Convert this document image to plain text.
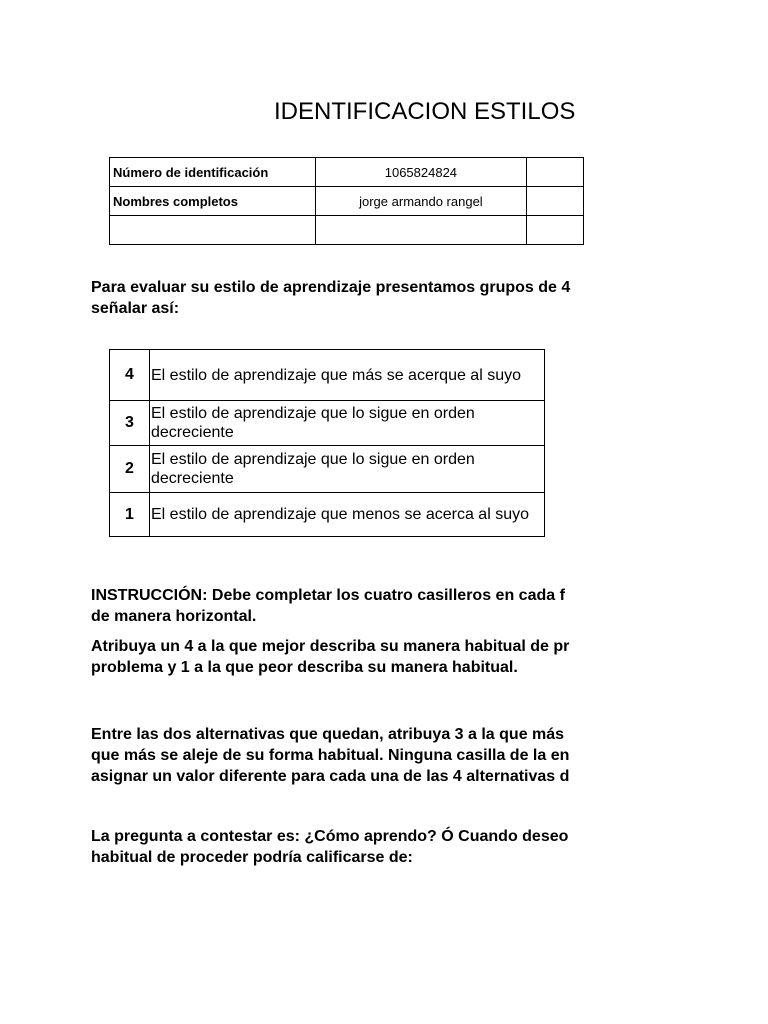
IDENTIFICACION ESTILOS
Número de identificación	1065824824	
Nombres completos	jorge armando rangel	

Para evaluar su estilo de aprendizaje presentamos grupos de 4
señalar así:
4	El estilo de aprendizaje que más se acerque al suyo
3	El estilo de aprendizaje que lo sigue en orden decreciente
2	El estilo de aprendizaje que lo sigue en orden decreciente
1	El estilo de aprendizaje que menos se acerca al suyo
INSTRUCCIÓN: Debe completar los cuatro casilleros en cada f
de manera horizontal.
Atribuya un 4 a la que mejor describa su manera habitual de pr
problema y 1 a la que peor describa su manera habitual.
Entre las dos alternativas que quedan, atribuya 3 a la que más
que más se aleje de su forma habitual. Ninguna casilla de la en
asignar un valor diferente para cada una de las 4 alternativas d
La pregunta a contestar es: ¿Cómo aprendo? Ó Cuando deseo
habitual de proceder podría calificarse de:
